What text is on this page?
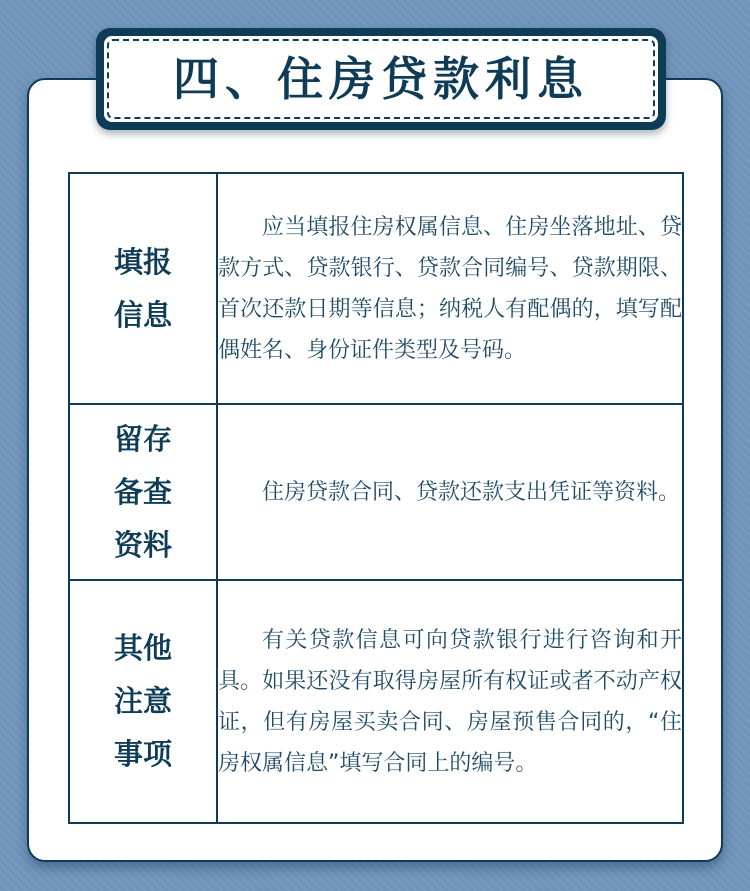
四、住房贷款利息
填报
信息	应当填报住房权属信息、住房坐落地址、贷款方式、贷款银行、贷款合同编号、贷款期限、首次还款日期等信息；纳税人有配偶的，填写配偶姓名、身份证件类型及号码。

留存
备查
资料	住房贷款合同、贷款还款支出凭证等资料。

其他
注意
事项	有关贷款信息可向贷款银行进行咨询和开具。如果还没有取得房屋所有权证或者不动产权证，但有房屋买卖合同、房屋预售合同的，“住房权属信息”填写合同上的编号。
